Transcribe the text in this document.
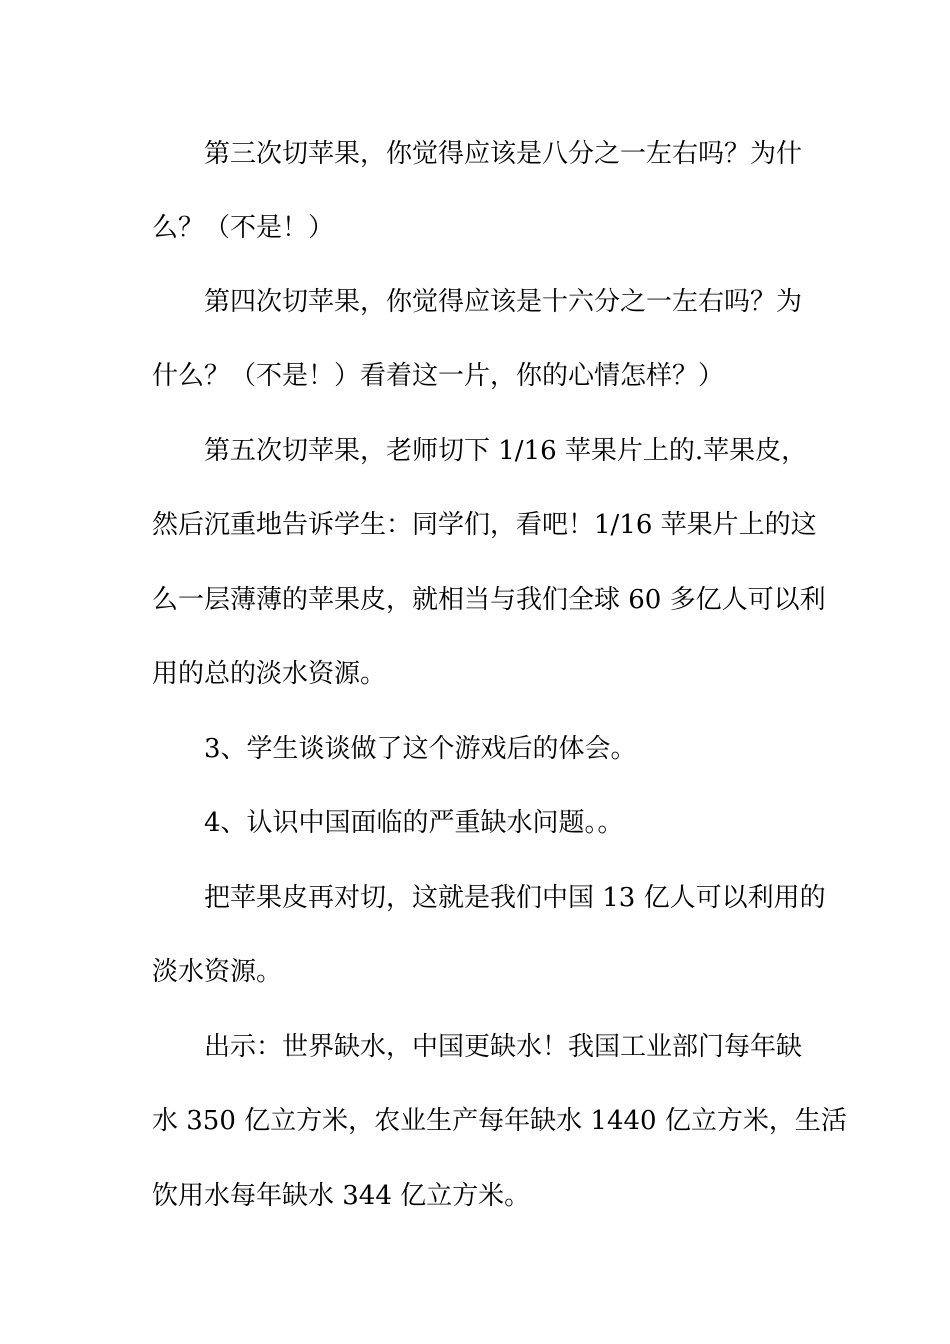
第三次切苹果，你觉得应该是八分之一左右吗？为什
么？（不是！）
第四次切苹果，你觉得应该是十六分之一左右吗？为
什么？（不是！）看着这一片，你的心情怎样？）
第五次切苹果，老师切下 1/16 苹果片上的.苹果皮，
然后沉重地告诉学生：同学们，看吧！1/16 苹果片上的这
么一层薄薄的苹果皮，就相当与我们全球 60 多亿人可以利
用的总的淡水资源。
3、学生谈谈做了这个游戏后的体会。
4、认识中国面临的严重缺水问题。。
把苹果皮再对切，这就是我们中国 13 亿人可以利用的
淡水资源。
出示：世界缺水，中国更缺水！我国工业部门每年缺
水 350 亿立方米，农业生产每年缺水 1440 亿立方米，生活
饮用水每年缺水 344 亿立方米。
